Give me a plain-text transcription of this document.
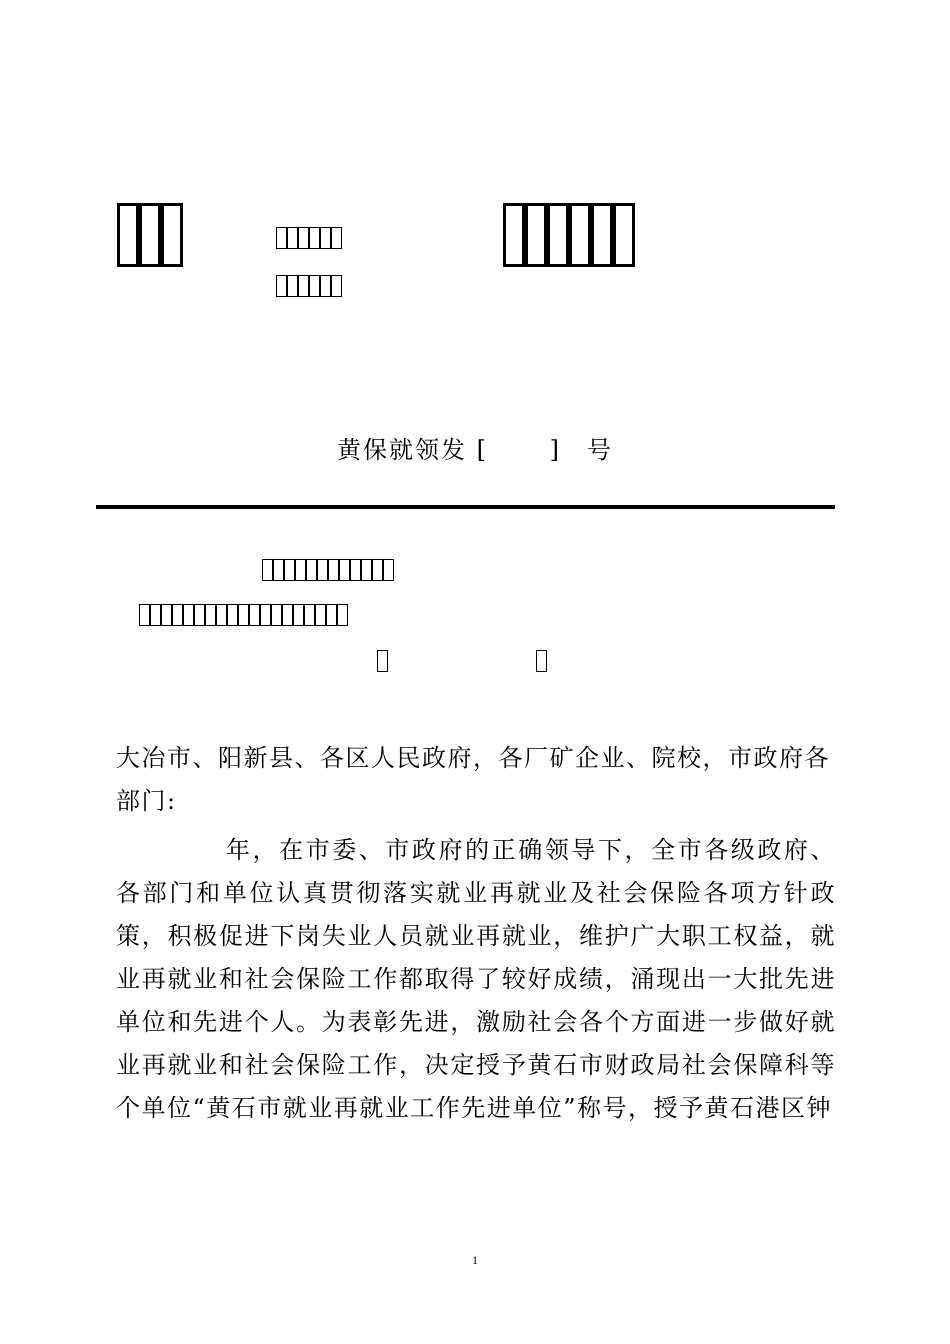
黄保就领发 [　　 ]　号
大冶市、阳新县、各区人民政府，各厂矿企业、院校，市政府各部门:
年，在市委、市政府的正确领导下，全市各级政府、各部门和单位认真贯彻落实就业再就业及社会保险各项方针政策，积极促进下岗失业人员就业再就业，维护广大职工权益，就业再就业和社会保险工作都取得了较好成绩，涌现出一大批先进单位和先进个人。为表彰先进，激励社会各个方面进一步做好就业再就业和社会保险工作，决定授予黄石市财政局社会保障科等　 个单位“黄石市就业再就业工作先进单位”称号，授予黄石港区钟
1
